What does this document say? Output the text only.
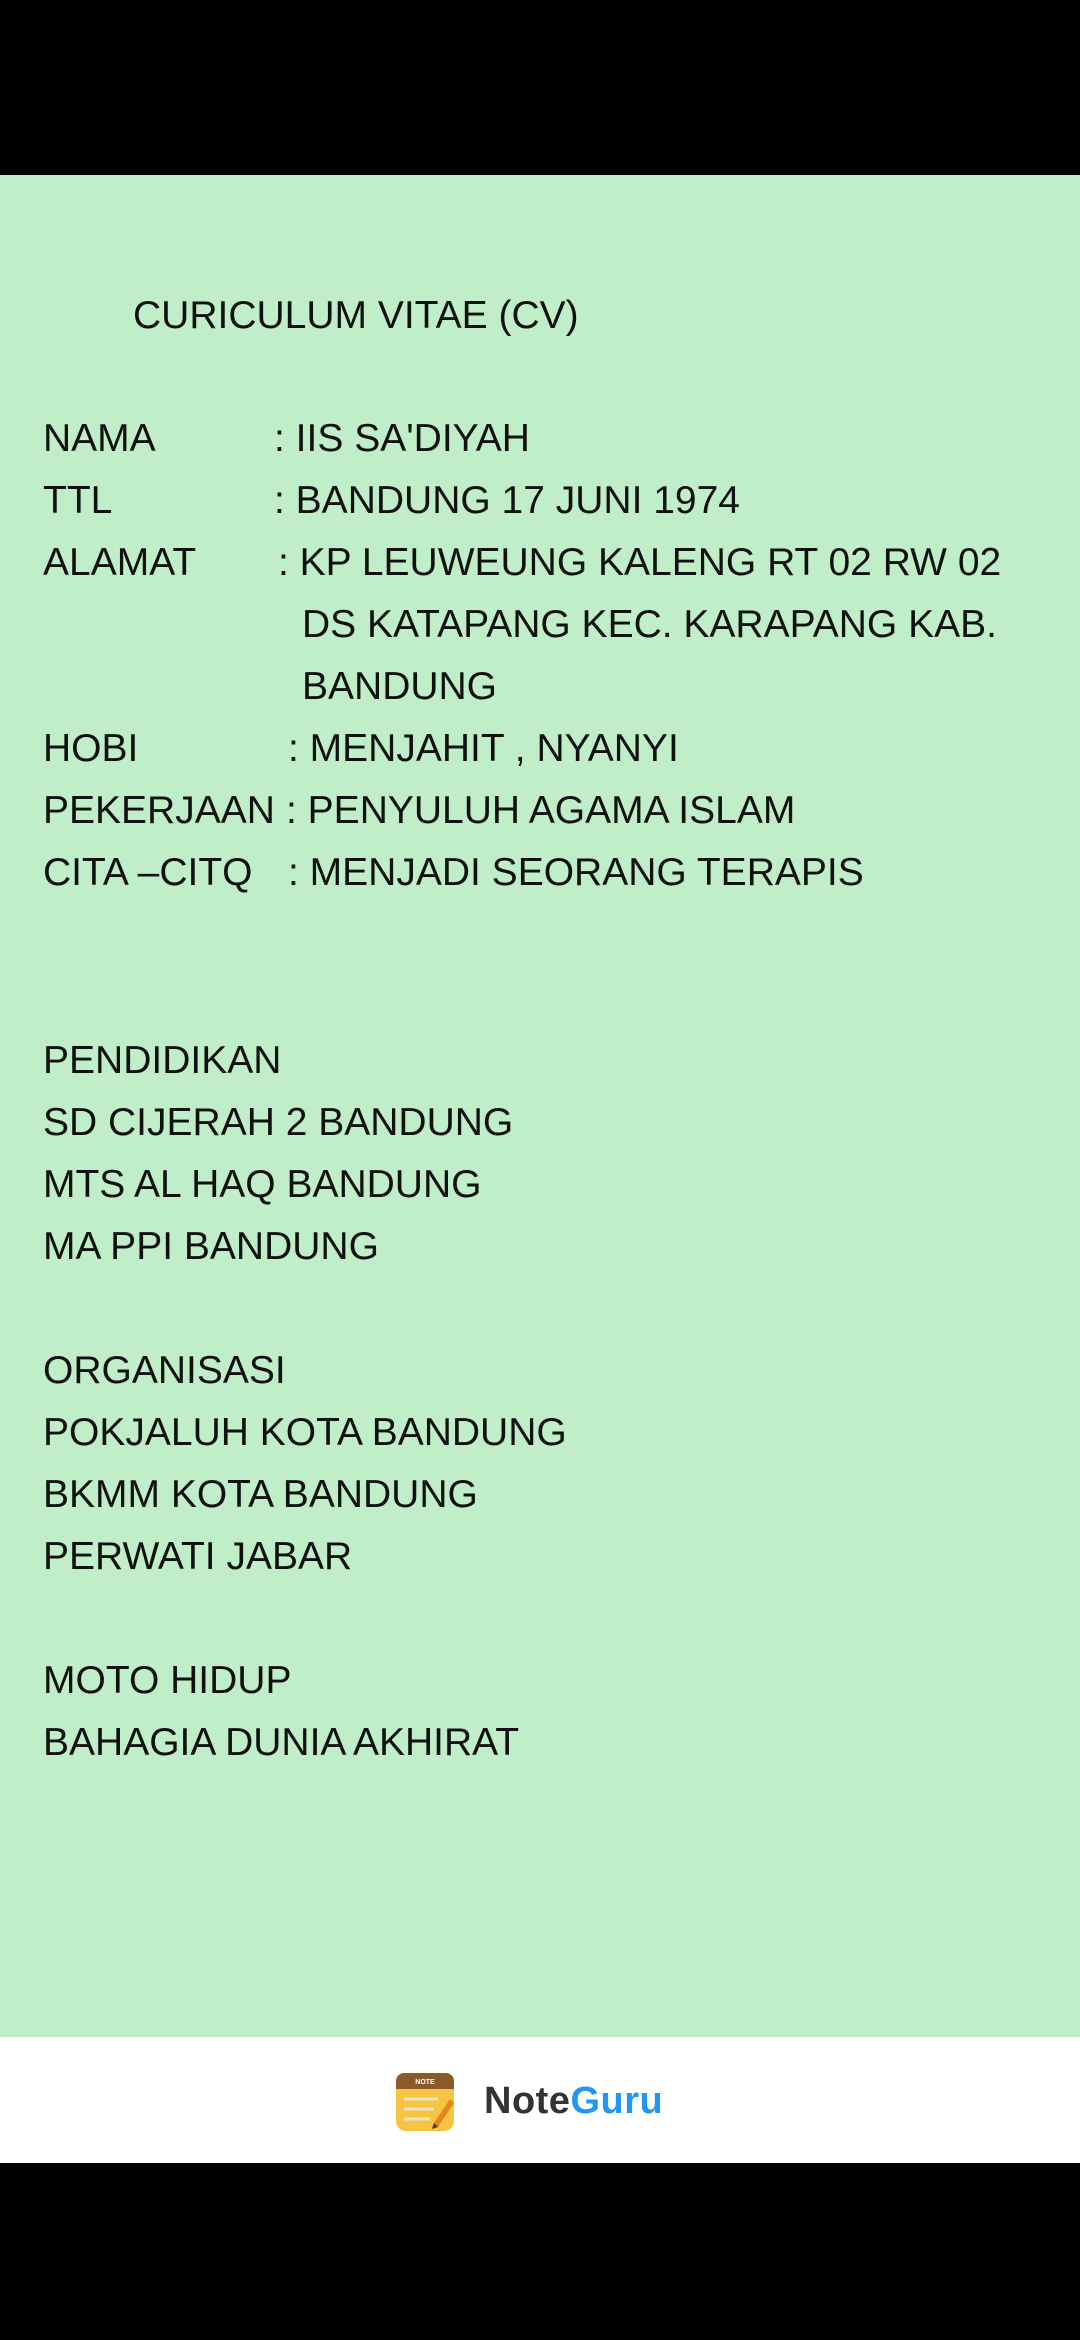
CURICULUM VITAE (CV)
NAMA	: IIS SA'DIYAH
TTL	: BANDUNG 17 JUNI 1974
ALAMAT : KP LEUWEUNG KALENG RT 02 RW 02
DS KATAPANG KEC. KARAPANG KAB.
BANDUNG
HOBI	: MENJAHIT , NYANYI
PEKERJAAN : PENYULUH AGAMA ISLAM
CITA –CITQ : MENJADI SEORANG TERAPIS
PENDIDIKAN
SD CIJERAH 2 BANDUNG
MTS AL HAQ BANDUNG
MA PPI BANDUNG
ORGANISASI
POKJALUH KOTA BANDUNG
BKMM KOTA BANDUNG
PERWATI JABAR
MOTO HIDUP
BAHAGIA DUNIA AKHIRAT
NOTE NoteGuru
